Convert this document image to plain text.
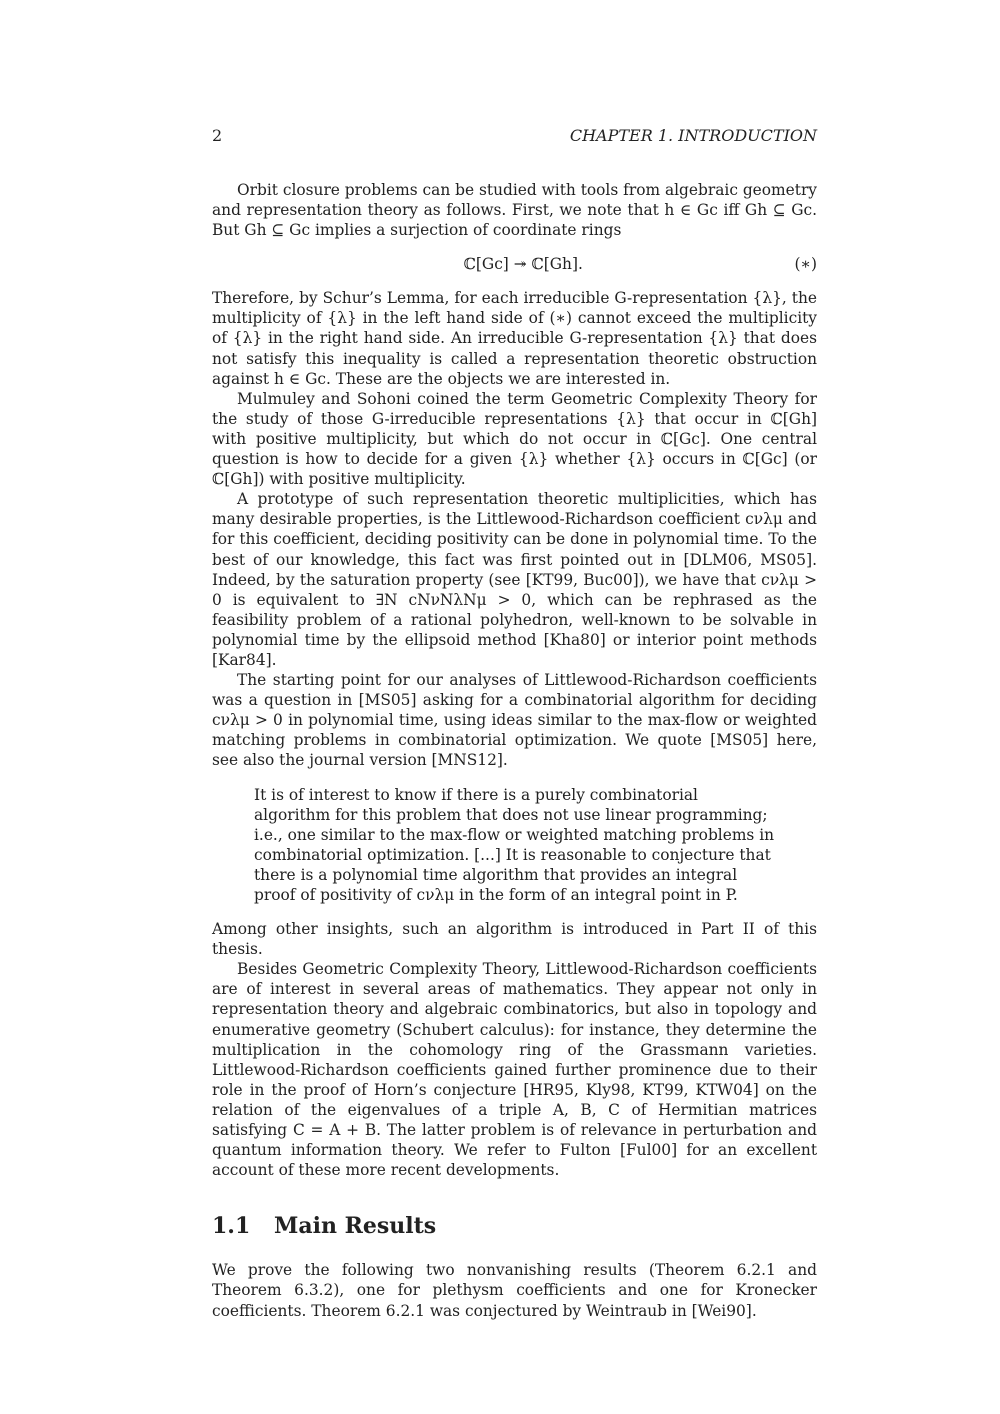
2	CHAPTER 1. INTRODUCTION

Orbit closure problems can be studied with tools from algebraic geometry and representation theory as follows. First, we note that h ∈ Gc iff Gh ⊆ Gc. But Gh ⊆ Gc implies a surjection of coordinate rings

ℂ[Gc] ↠ ℂ[Gh].	(∗)

Therefore, by Schur’s Lemma, for each irreducible G-representation {λ}, the multiplicity of {λ} in the left hand side of (∗) cannot exceed the multiplicity of {λ} in the right hand side. An irreducible G-representation {λ} that does not satisfy this inequality is called a representation theoretic obstruction against h ∈ Gc. These are the objects we are interested in.

Mulmuley and Sohoni coined the term Geometric Complexity Theory for the study of those G-irreducible representations {λ} that occur in ℂ[Gh] with positive multiplicity, but which do not occur in ℂ[Gc]. One central question is how to decide for a given {λ} whether {λ} occurs in ℂ[Gc] (or ℂ[Gh]) with positive multiplicity.

A prototype of such representation theoretic multiplicities, which has many desirable properties, is the Littlewood-Richardson coefficient cνλμ and for this coefficient, deciding positivity can be done in polynomial time. To the best of our knowledge, this fact was first pointed out in [DLM06, MS05]. Indeed, by the saturation property (see [KT99, Buc00]), we have that cνλμ > 0 is equivalent to ∃N cNνNλNμ > 0, which can be rephrased as the feasibility problem of a rational polyhedron, well-known to be solvable in polynomial time by the ellipsoid method [Kha80] or interior point methods [Kar84].

The starting point for our analyses of Littlewood-Richardson coefficients was a question in [MS05] asking for a combinatorial algorithm for deciding cνλμ > 0 in polynomial time, using ideas similar to the max-flow or weighted matching problems in combinatorial optimization. We quote [MS05] here, see also the journal version [MNS12].

It is of interest to know if there is a purely combinatorial algorithm for this problem that does not use linear programming; i.e., one similar to the max-flow or weighted matching problems in combinatorial optimization. [...] It is reasonable to conjecture that there is a polynomial time algorithm that provides an integral proof of positivity of cνλμ in the form of an integral point in P.

Among other insights, such an algorithm is introduced in Part II of this thesis.

Besides Geometric Complexity Theory, Littlewood-Richardson coefficients are of interest in several areas of mathematics. They appear not only in representation theory and algebraic combinatorics, but also in topology and enumerative geometry (Schubert calculus): for instance, they determine the multiplication in the cohomology ring of the Grassmann varieties. Littlewood-Richardson coefficients gained further prominence due to their role in the proof of Horn’s conjecture [HR95, Kly98, KT99, KTW04] on the relation of the eigenvalues of a triple A, B, C of Hermitian matrices satisfying C = A + B. The latter problem is of relevance in perturbation and quantum information theory. We refer to Fulton [Ful00] for an excellent account of these more recent developments.

1.1 Main Results

We prove the following two nonvanishing results (Theorem 6.2.1 and Theorem 6.3.2), one for plethysm coefficients and one for Kronecker coefficients. Theorem 6.2.1 was conjectured by Weintraub in [Wei90].
